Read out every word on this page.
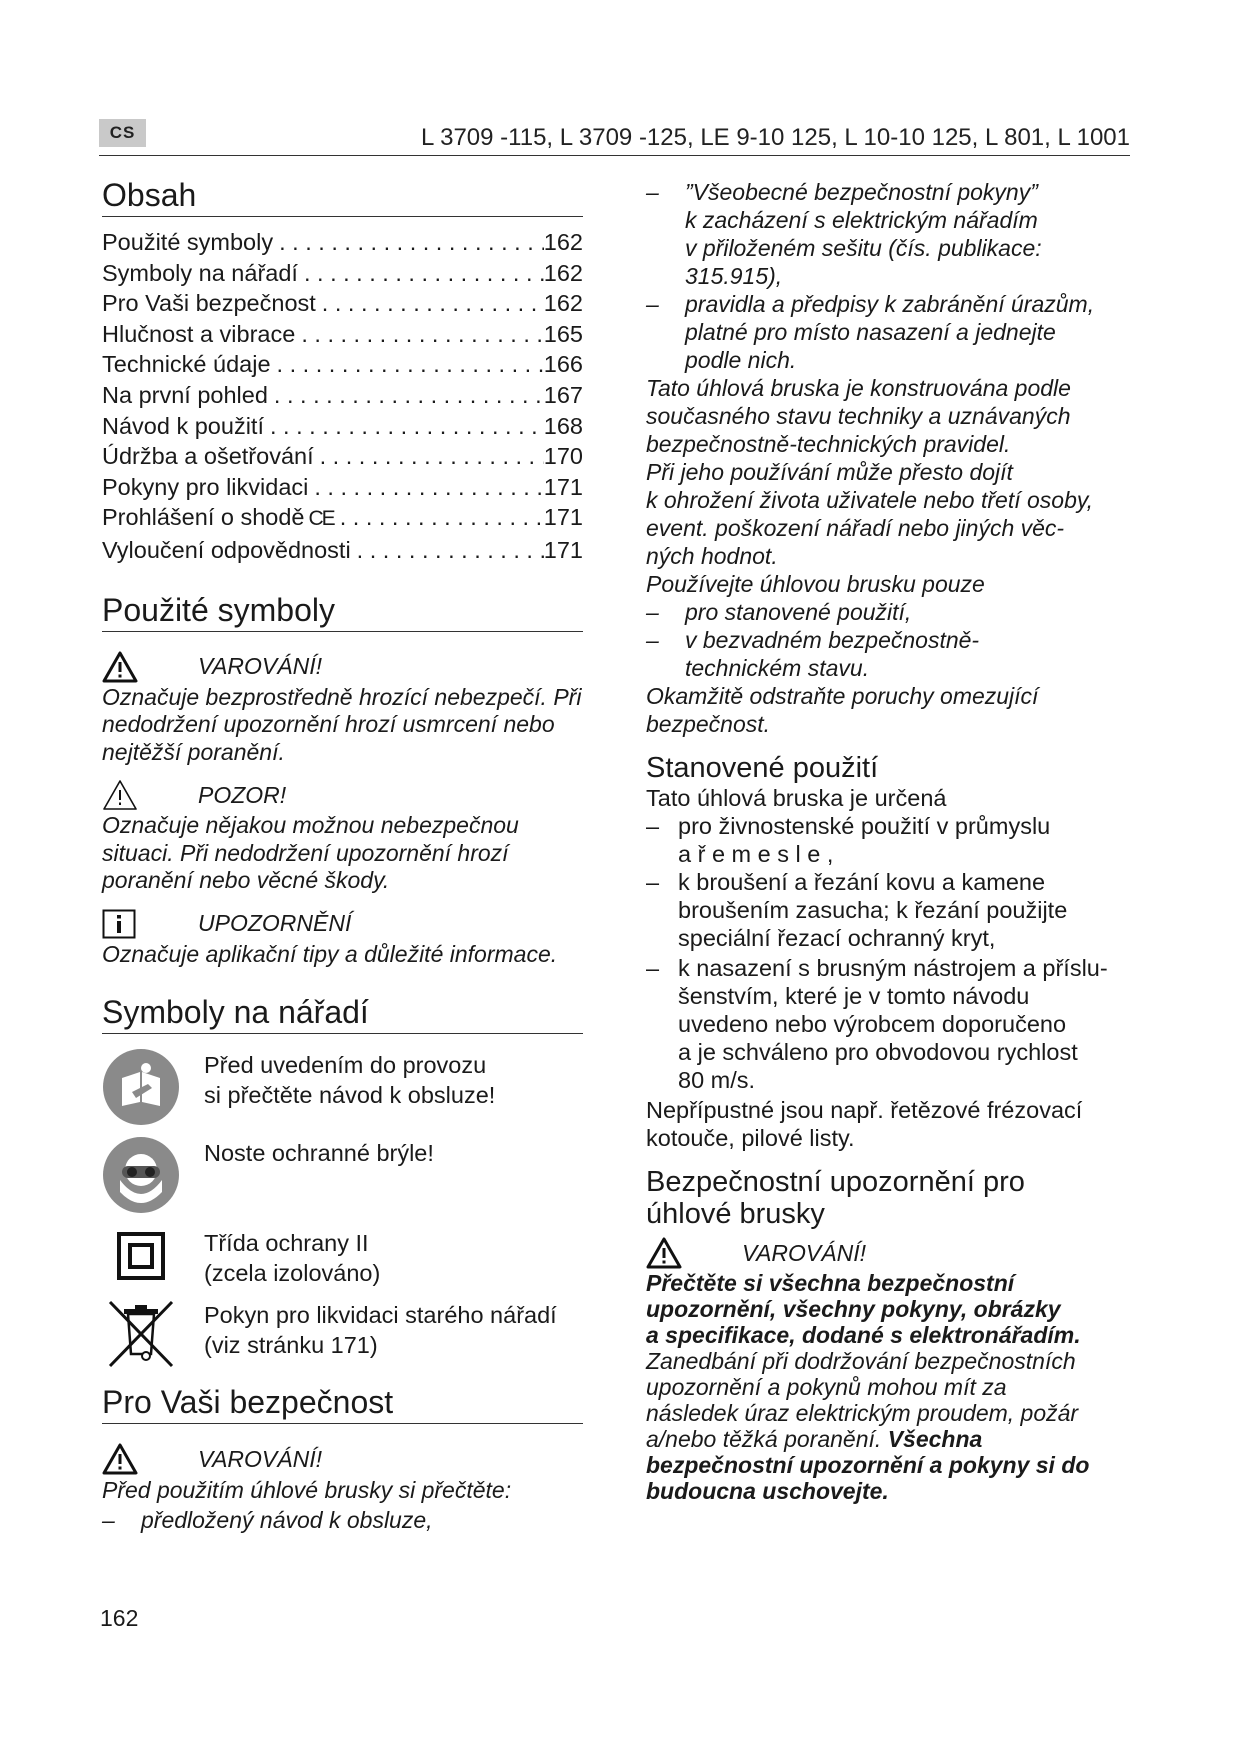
CS	L 3709 -115, L 3709 -125, LE 9-10 125, L 10-10 125, L 801, L 1001
Obsah
Použité symboly . . .	162
Symboly na nářadí . . .	162
Pro Vaši bezpečnost . . .	162
Hlučnost a vibrace . . .	165
Technické údaje . . .	166
Na první pohled . . .	167
Návod k použití . . .	168
Údržba a ošetřování . . .	170
Pokyny pro likvidaci . . .	171
Prohlášení o shodě CE . . .	171
Vyloučení odpovědnosti . . .	171
Použité symboly
VAROVÁNÍ!
Označuje bezprostředně hrozící nebezpečí. Při nedodržení upozornění hrozí usmrcení nebo nejtěžší poranění.
POZOR!
Označuje nějakou možnou nebezpečnou situaci. Při nedodržení upozornění hrozí poranění nebo věcné škody.
UPOZORNĚNÍ
Označuje aplikační tipy a důležité informace.
Symboly na nářadí
Před uvedením do provozu
si přečtěte návod k obsluze!
Noste ochranné brýle!
Třída ochrany II
(zcela izolováno)
Pokyn pro likvidaci starého nářadí
(viz stránku 171)
Pro Vaši bezpečnost
VAROVÁNÍ!
Před použitím úhlové brusky si přečtěte:
–	předložený návod k obsluze,
–	”Všeobecné bezpečnostní pokyny”
k zacházení s elektrickým nářadím
v přiloženém sešitu (čís. publikace:
315.915),
–	pravidla a předpisy k zabránění úrazům,
platné pro místo nasazení a jednejte
podle nich.
Tato úhlová bruska je konstruována podle
současného stavu techniky a uznávaných
bezpečnostně-technických pravidel.
Při jeho používání může přesto dojít
k ohrožení života uživatele nebo třetí osoby,
event. poškození nářadí nebo jiných věc-
ných hodnot.
Používejte úhlovou brusku pouze
–	pro stanovené použití,
–	v bezvadném bezpečnostně-
technickém stavu.
Okamžitě odstraňte poruchy omezující
bezpečnost.
Stanovené použití
Tato úhlová bruska je určená
– pro živnostenské použití v průmyslu
a ř e m e s l e ,
– k broušení a řezání kovu a kamene
broušením zasucha; k řezání použijte
speciální řezací ochranný kryt,
– k nasazení s brusným nástrojem a příslu-
šenstvím, které je v tomto návodu
uvedeno nebo výrobcem doporučeno
a je schváleno pro obvodovou rychlost
80 m/s.
Nepřípustné jsou např. řetězové frézovací
kotouče, pilové listy.
Bezpečnostní upozornění pro
úhlové brusky
VAROVÁNÍ!
Přečtěte si všechna bezpečnostní
upozornění, všechny pokyny, obrázky
a specifikace, dodané s elektronářadím.
Zanedbání při dodržování bezpečnostních
upozornění a pokynů mohou mít za
následek úraz elektrickým proudem, požár
a/nebo těžká poranění. Všechna
bezpečnostní upozornění a pokyny si do
budoucna uschovejte.
162
